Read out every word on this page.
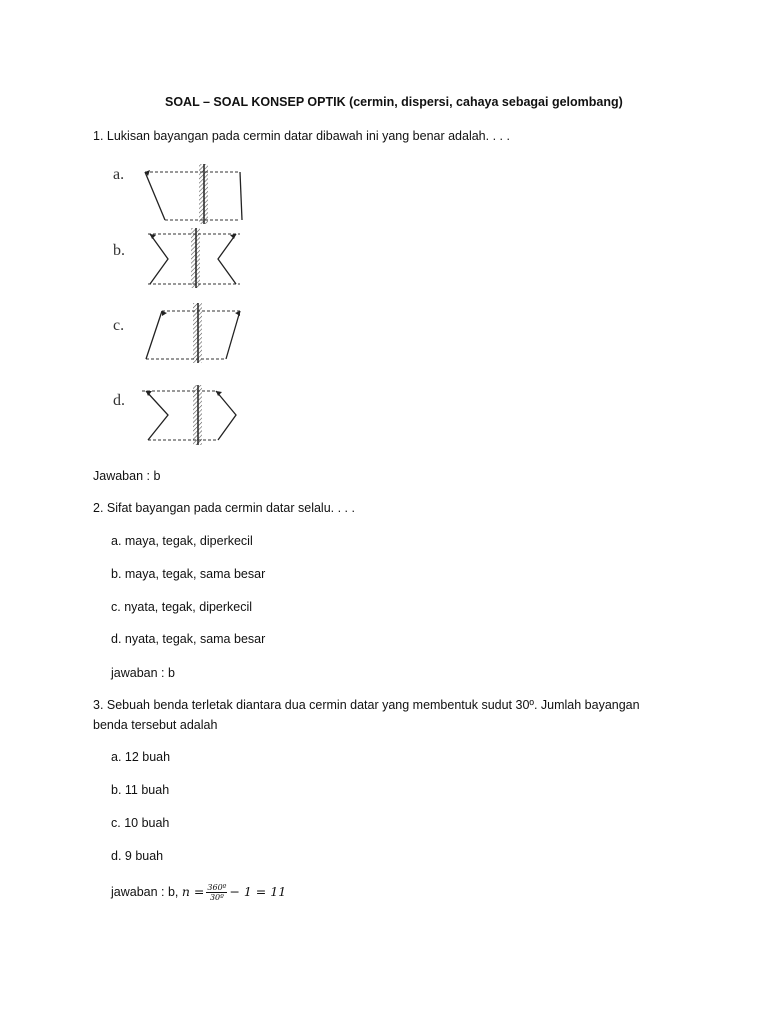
SOAL – SOAL KONSEP OPTIK (cermin, dispersi, cahaya sebagai gelombang)
1. Lukisan bayangan pada cermin datar dibawah ini yang benar adalah. . . .
a.
b.
c.
d.
Jawaban : b
2. Sifat bayangan pada cermin datar selalu. . . .
a. maya, tegak, diperkecil
b. maya, tegak, sama besar
c. nyata, tegak, diperkecil
d. nyata, tegak, sama besar
jawaban : b
3. Sebuah benda terletak diantara dua cermin datar yang membentuk sudut 30º. Jumlah bayangan
benda tersebut adalah
a. 12 buah
b. 11 buah
c. 10 buah
d. 9 buah
jawaban : b, $n = \frac{\text{360º}}{\text{30º}} - 1 = 11$
